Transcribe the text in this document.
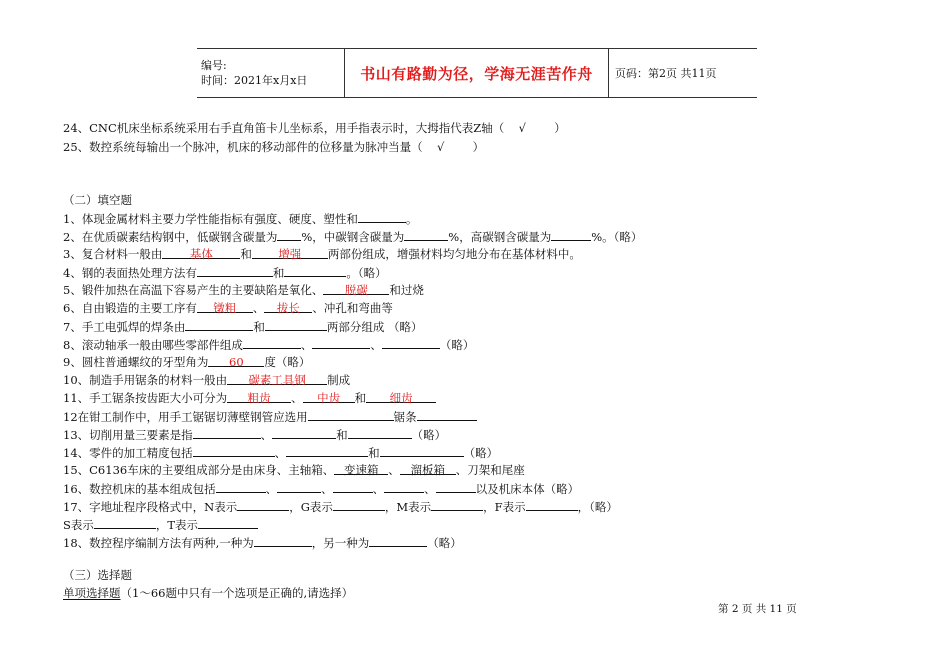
编号:
时间：2021年x月x日	书山有路勤为径，学海无涯苦作舟 页码：第2页 共11页
24、CNC机床坐标系统采用右手直角笛卡儿坐标系，用手指表示时，大拇指代表Z轴（ √ ）
25、数控系统每输出一个脉冲，机床的移动部件的位移量为脉冲当量（ √ ）
（二）填空题
1、体现金属材料主要力学性能指标有强度、硬度、塑性和	。
2、在优质碳素结构钢中，低碳钢含碳量为 %，中碳钢含碳量为	%，高碳钢含碳量为	%。（略）
3、复合材料一般由 基体 和 增强 两部份组成，增强材料均匀地分布在基体材料中。
4、钢的表面热处理方法有	和	。（略）
5、锻件加热在高温下容易产生的主要缺陷是氧化、 脱碳 和过烧
6、自由锻造的主要工序有 镦粗 、 拔长 、冲孔和弯曲等
7、手工电弧焊的焊条由	和	两部分组成 （略）
8、滚动轴承一般由哪些零部件组成	、	、	（略）
9、圆柱普通螺纹的牙型角为 60 度（略）
10、制造手用锯条的材料一般由 碳素工具钢 制成
11、手工锯条按齿距大小可分为 粗齿 、 中齿 和 细齿
12在钳工制作中，用手工锯锯切薄壁钢管应选用	锯条
13、切削用量三要素是指	、	和	（略）
14、零件的加工精度包括	、	和	（略）
15、C6136车床的主要组成部分是由床身、主轴箱、 变速箱 、 溜板箱 、刀架和尾座
16、数控机床的基本组成包括	、	、	、	、	以及机床本体（略）
17、字地址程序段格式中，N表示	，G表示	，M表示	，F表示	，（略）
S表示	，T表示
18、数控程序编制方法有两种,一种为	，另一种为	（略）
（三）选择题
单项选择题（1～66题中只有一个选项是正确的,请选择）
第 2 页 共 11 页
